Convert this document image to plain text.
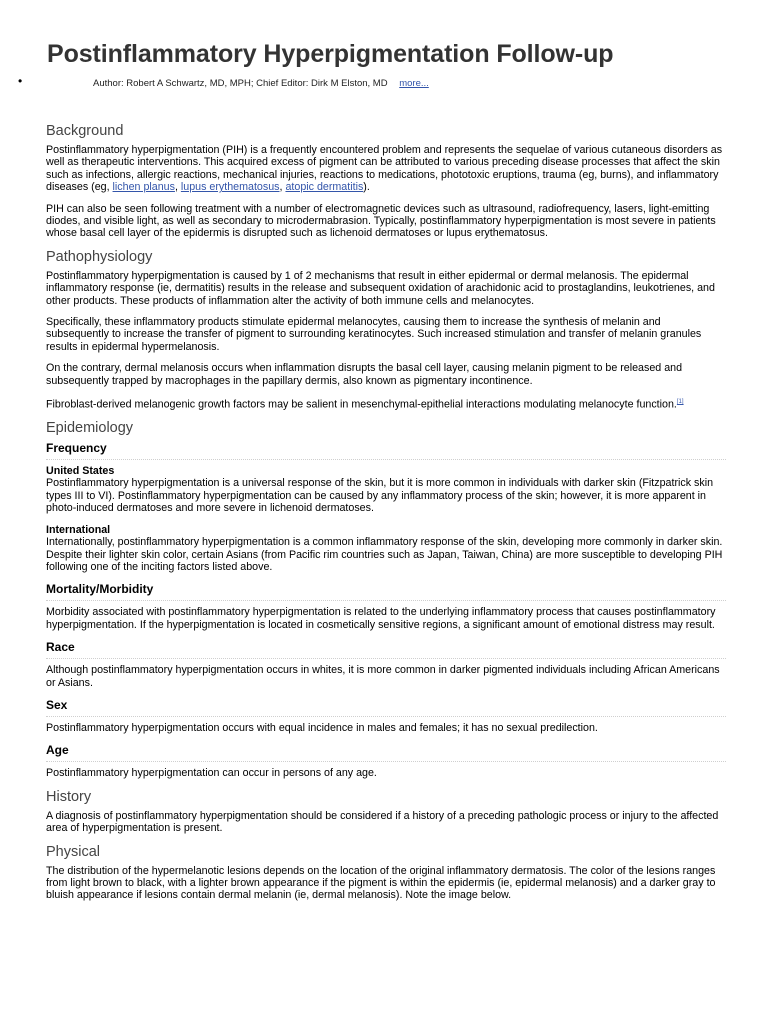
Postinflammatory Hyperpigmentation Follow-up
•	Author: Robert A Schwartz, MD, MPH; Chief Editor: Dirk M Elston, MD more...
Background

Postinflammatory hyperpigmentation (PIH) is a frequently encountered problem and represents the sequelae of various cutaneous disorders as well as therapeutic interventions. This acquired excess of pigment can be attributed to various preceding disease processes that affect the skin such as infections, allergic reactions, mechanical injuries, reactions to medications, phototoxic eruptions, trauma (eg, burns), and inflammatory diseases (eg, lichen planus, lupus erythematosus, atopic dermatitis).

PIH can also be seen following treatment with a number of electromagnetic devices such as ultrasound, radiofrequency, lasers, light-emitting diodes, and visible light, as well as secondary to microdermabrasion. Typically, postinflammatory hyperpigmentation is most severe in patients whose basal cell layer of the epidermis is disrupted such as lichenoid dermatoses or lupus erythematosus.

Pathophysiology

Postinflammatory hyperpigmentation is caused by 1 of 2 mechanisms that result in either epidermal or dermal melanosis. The epidermal inflammatory response (ie, dermatitis) results in the release and subsequent oxidation of arachidonic acid to prostaglandins, leukotrienes, and other products. These products of inflammation alter the activity of both immune cells and melanocytes.

Specifically, these inflammatory products stimulate epidermal melanocytes, causing them to increase the synthesis of melanin and subsequently to increase the transfer of pigment to surrounding keratinocytes. Such increased stimulation and transfer of melanin granules results in epidermal hypermelanosis.

On the contrary, dermal melanosis occurs when inflammation disrupts the basal cell layer, causing melanin pigment to be released and subsequently trapped by macrophages in the papillary dermis, also known as pigmentary incontinence.

Fibroblast-derived melanogenic growth factors may be salient in mesenchymal-epithelial interactions modulating melanocyte function.[1]

Epidemiology
Frequency
United States

Postinflammatory hyperpigmentation is a universal response of the skin, but it is more common in individuals with darker skin (Fitzpatrick skin types III to VI). Postinflammatory hyperpigmentation can be caused by any inflammatory process of the skin; however, it is more apparent in photo-induced dermatoses and more severe in lichenoid dermatoses.

International

Internationally, postinflammatory hyperpigmentation is a common inflammatory response of the skin, developing more commonly in darker skin. Despite their lighter skin color, certain Asians (from Pacific rim countries such as Japan, Taiwan, China) are more susceptible to developing PIH following one of the inciting factors listed above.

Mortality/Morbidity

Morbidity associated with postinflammatory hyperpigmentation is related to the underlying inflammatory process that causes postinflammatory hyperpigmentation. If the hyperpigmentation is located in cosmetically sensitive regions, a significant amount of emotional distress may result.

Race

Although postinflammatory hyperpigmentation occurs in whites, it is more common in darker pigmented individuals including African Americans or Asians.

Sex

Postinflammatory hyperpigmentation occurs with equal incidence in males and females; it has no sexual predilection.

Age

Postinflammatory hyperpigmentation can occur in persons of any age.

History

A diagnosis of postinflammatory hyperpigmentation should be considered if a history of a preceding pathologic process or injury to the affected area of hyperpigmentation is present.

Physical

The distribution of the hypermelanotic lesions depends on the location of the original inflammatory dermatosis. The color of the lesions ranges from light brown to black, with a lighter brown appearance if the pigment is within the epidermis (ie, epidermal melanosis) and a darker gray to bluish appearance if lesions contain dermal melanin (ie, dermal melanosis). Note the image below.
